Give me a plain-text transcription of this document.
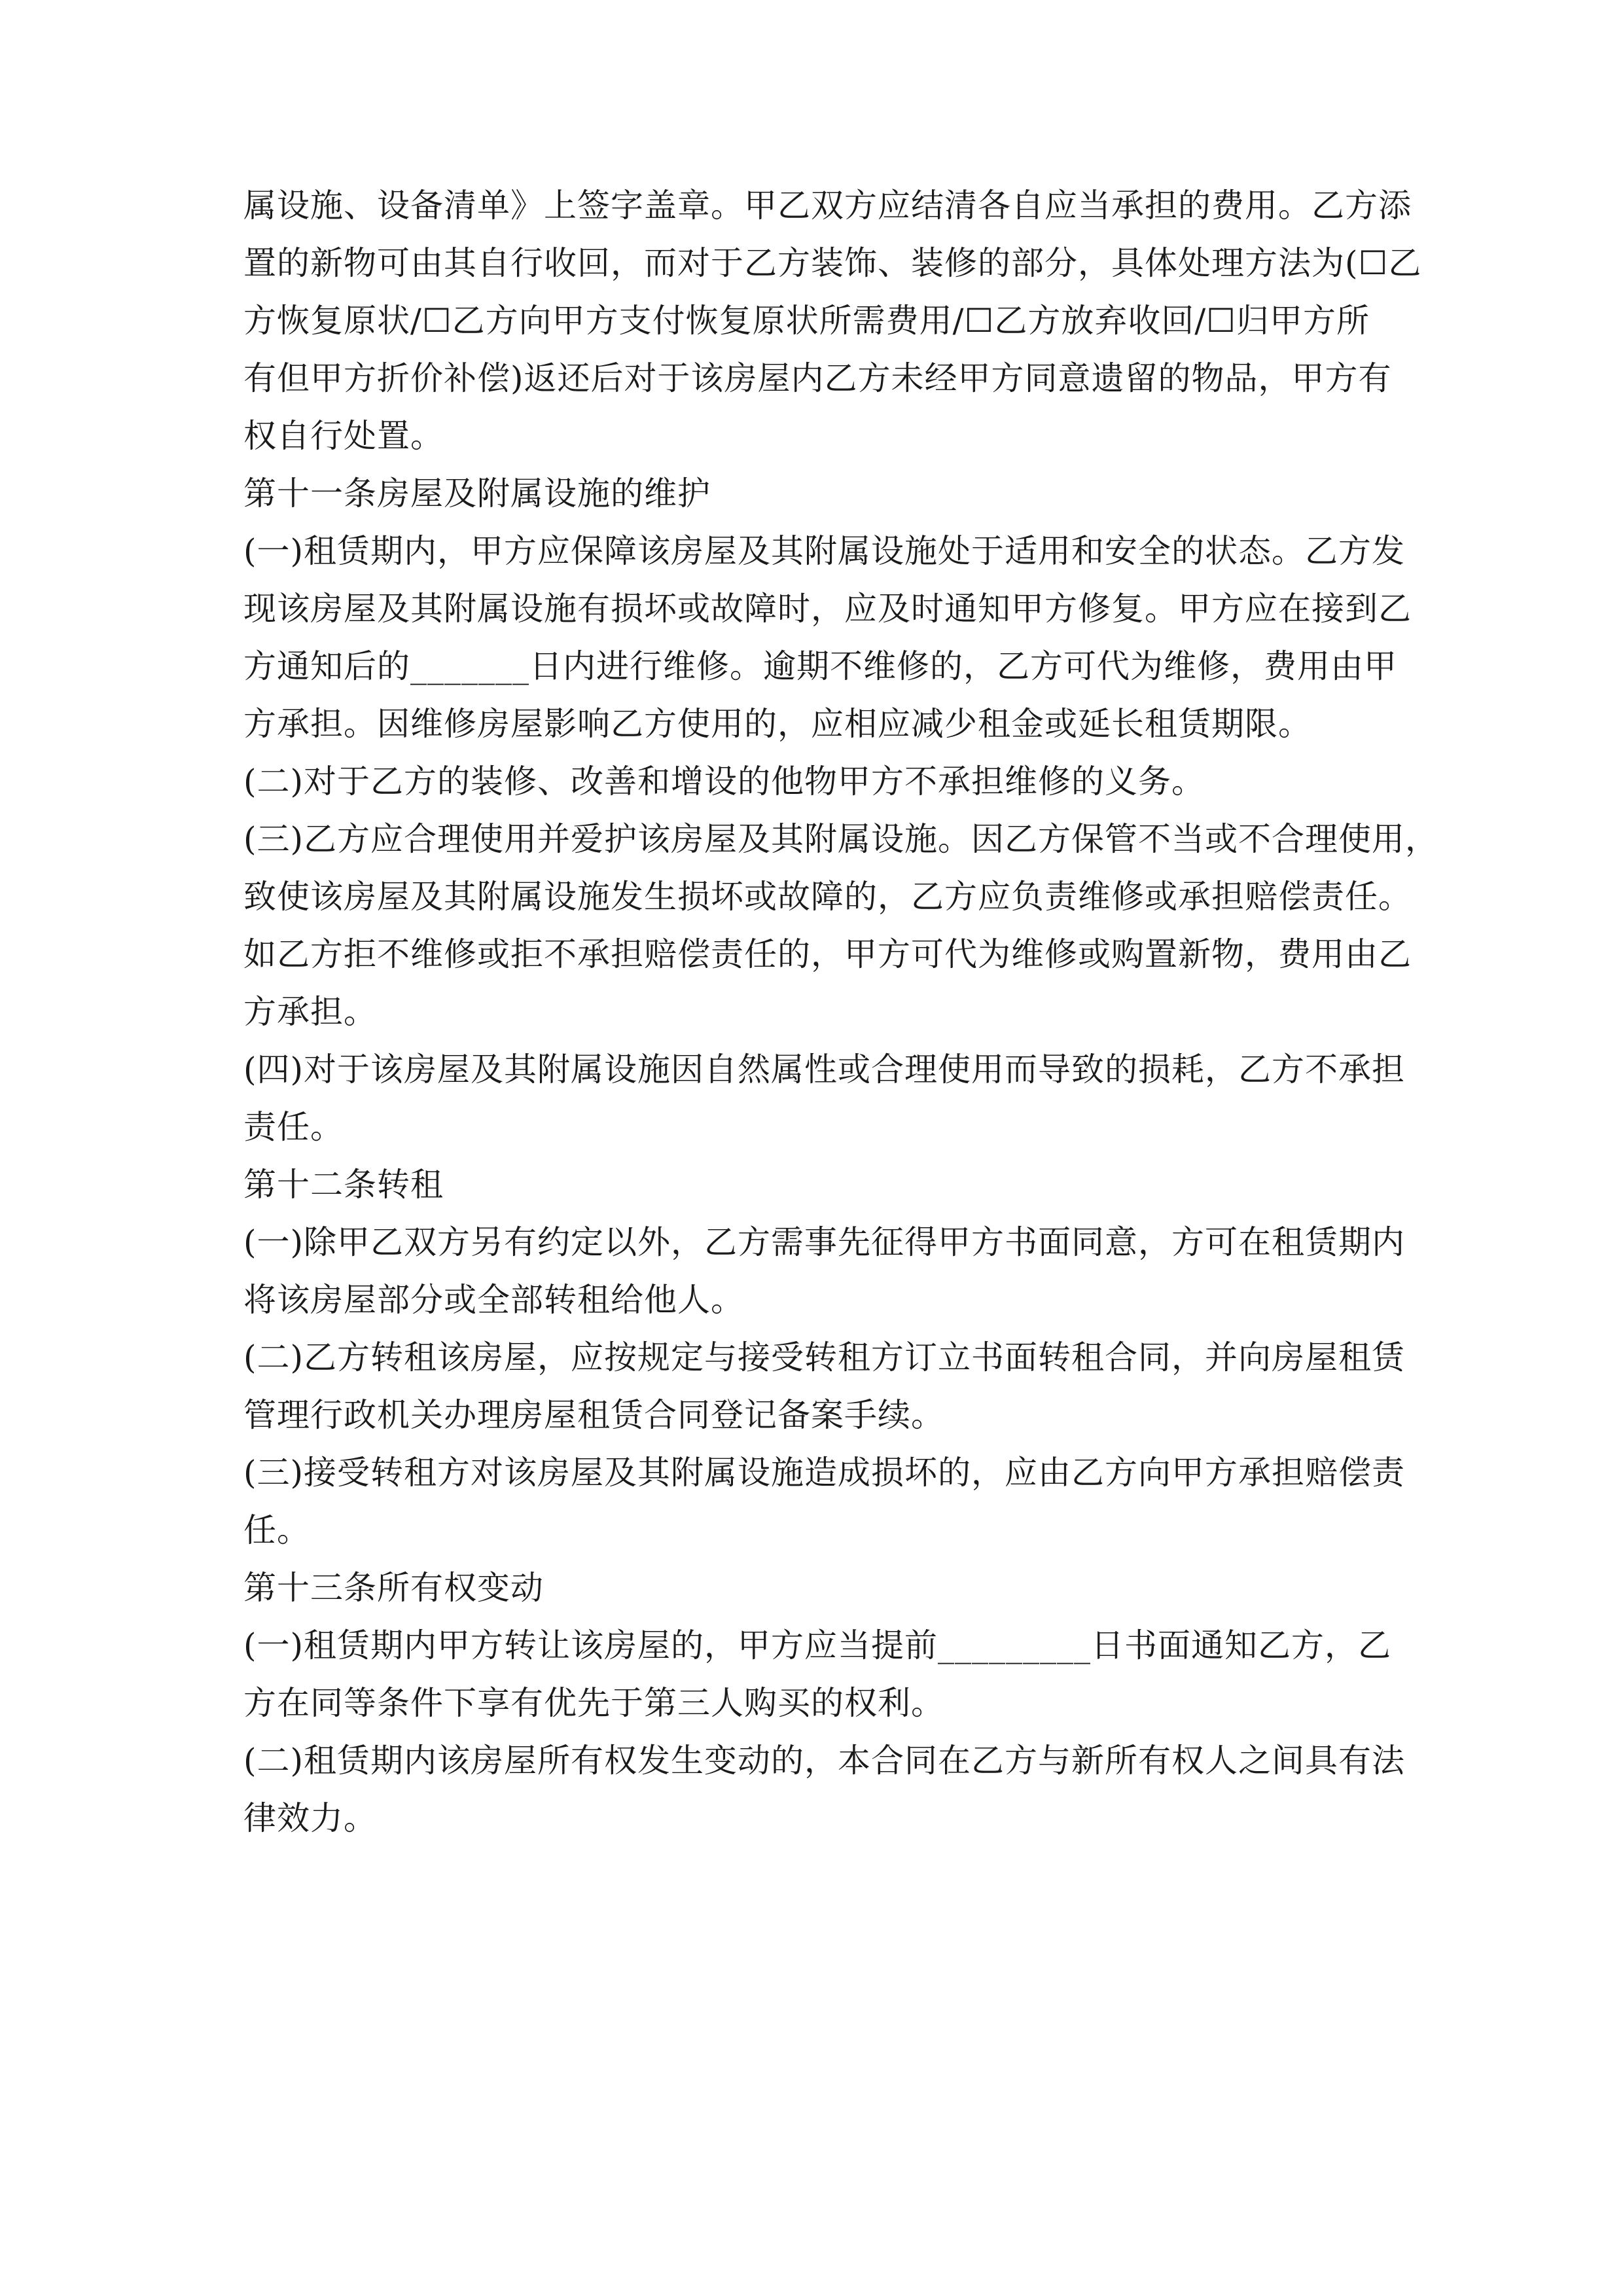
属设施、设备清单》上签字盖章。甲乙双方应结清各自应当承担的费用。乙方添
置的新物可由其自行收回，而对于乙方装饰、装修的部分，具体处理方法为(☐乙
方恢复原状/☐乙方向甲方支付恢复原状所需费用/☐乙方放弃收回/☐归甲方所
有但甲方折价补偿)返还后对于该房屋内乙方未经甲方同意遗留的物品，甲方有
权自行处置。
第十一条房屋及附属设施的维护
(一)租赁期内，甲方应保障该房屋及其附属设施处于适用和安全的状态。乙方发
现该房屋及其附属设施有损坏或故障时，应及时通知甲方修复。甲方应在接到乙
方通知后的_______日内进行维修。逾期不维修的，乙方可代为维修，费用由甲
方承担。因维修房屋影响乙方使用的，应相应减少租金或延长租赁期限。
(二)对于乙方的装修、改善和增设的他物甲方不承担维修的义务。
(三)乙方应合理使用并爱护该房屋及其附属设施。因乙方保管不当或不合理使用，
致使该房屋及其附属设施发生损坏或故障的，乙方应负责维修或承担赔偿责任。
如乙方拒不维修或拒不承担赔偿责任的，甲方可代为维修或购置新物，费用由乙
方承担。
(四)对于该房屋及其附属设施因自然属性或合理使用而导致的损耗，乙方不承担
责任。
第十二条转租
(一)除甲乙双方另有约定以外，乙方需事先征得甲方书面同意，方可在租赁期内
将该房屋部分或全部转租给他人。
(二)乙方转租该房屋，应按规定与接受转租方订立书面转租合同，并向房屋租赁
管理行政机关办理房屋租赁合同登记备案手续。
(三)接受转租方对该房屋及其附属设施造成损坏的，应由乙方向甲方承担赔偿责
任。
第十三条所有权变动
(一)租赁期内甲方转让该房屋的，甲方应当提前_________日书面通知乙方，乙
方在同等条件下享有优先于第三人购买的权利。
(二)租赁期内该房屋所有权发生变动的，本合同在乙方与新所有权人之间具有法
律效力。
